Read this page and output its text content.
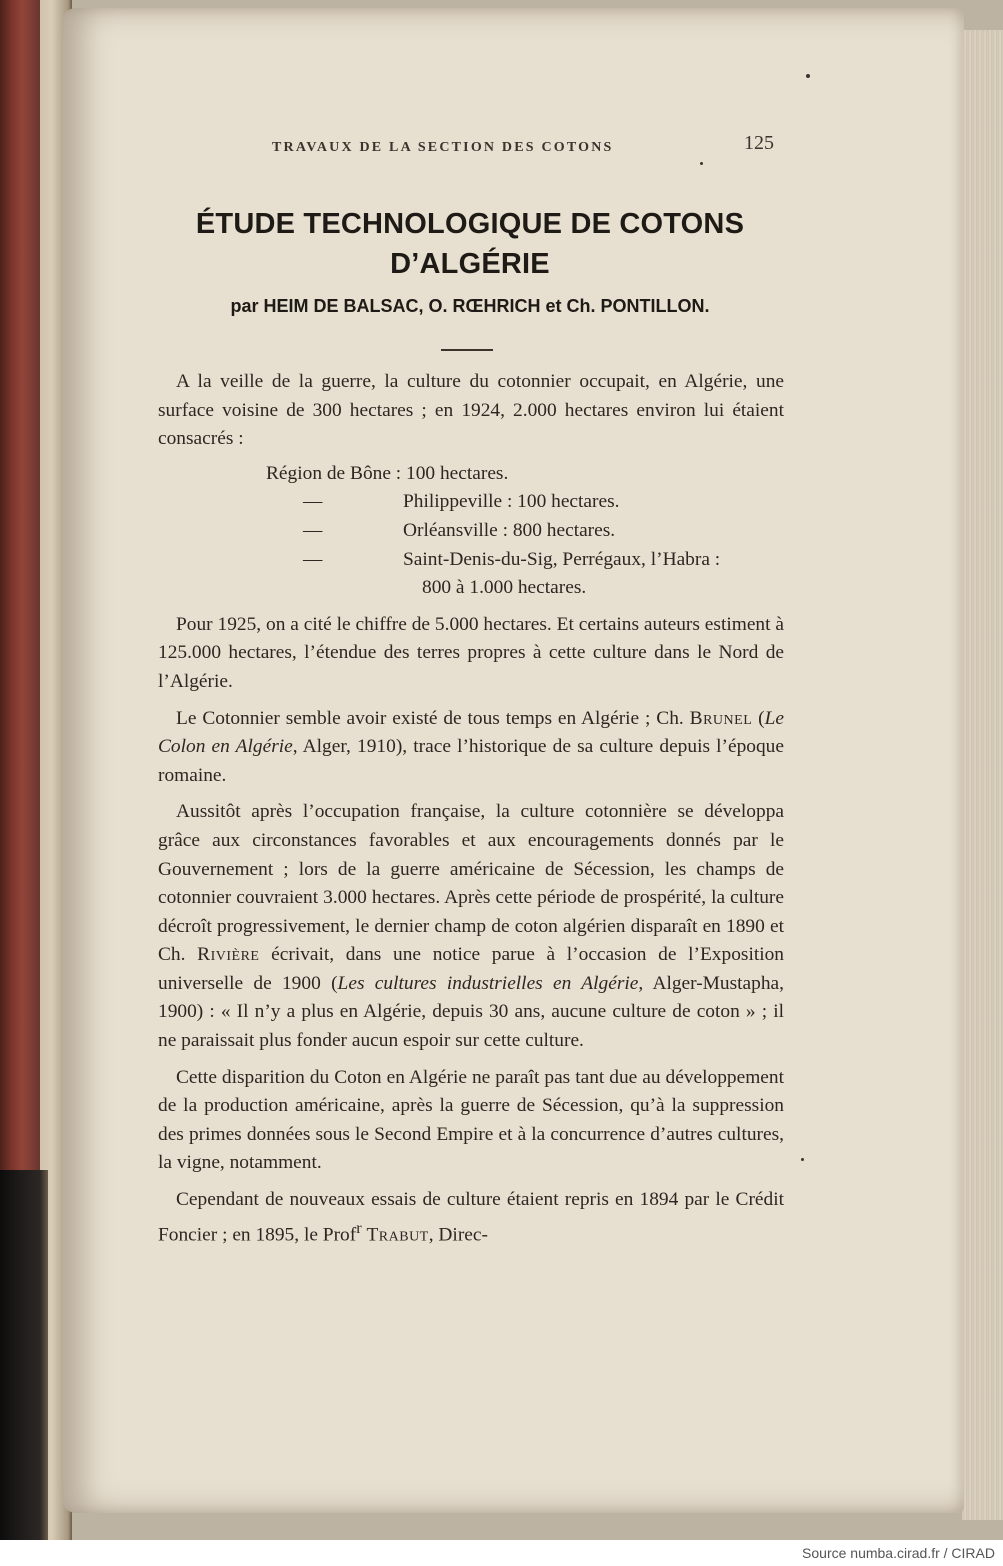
TRAVAUX DE LA SECTION DES COTONS	125
ÉTUDE TECHNOLOGIQUE DE COTONS
D’ALGÉRIE
par HEIM DE BALSAC, O. RŒHRICH et Ch. PONTILLON.

A la veille de la guerre, la culture du cotonnier occupait, en Algérie, une surface voisine de 300 hectares ; en 1924, 2.000 hectares environ lui étaient consacrés :

Région de Bône : 100 hectares.
—	Philippeville : 100 hectares.
—	Orléansville : 800 hectares.
—	Saint-Denis-du-Sig, Perrégaux, l’Habra :
800 à 1.000 hectares.

Pour 1925, on a cité le chiffre de 5.000 hectares. Et certains auteurs estiment à 125.000 hectares, l’étendue des terres propres à cette culture dans le Nord de l’Algérie.

Le Cotonnier semble avoir existé de tous temps en Algérie ; Ch. Brunel (Le Colon en Algérie, Alger, 1910), trace l’historique de sa culture depuis l’époque romaine.

Aussitôt après l’occupation française, la culture cotonnière se développa grâce aux circonstances favorables et aux encouragements donnés par le Gouvernement ; lors de la guerre américaine de Sécession, les champs de cotonnier couvraient 3.000 hectares. Après cette période de prospérité, la culture décroît progressivement, le dernier champ de coton algérien disparaît en 1890 et Ch. Rivière écrivait, dans une notice parue à l’occasion de l’Exposition universelle de 1900 (Les cultures industrielles en Algérie, Alger-Mustapha, 1900) : « Il n’y a plus en Algérie, depuis 30 ans, aucune culture de coton » ; il ne paraissait plus fonder aucun espoir sur cette culture.

Cette disparition du Coton en Algérie ne paraît pas tant due au développement de la production américaine, après la guerre de Sécession, qu’à la suppression des primes données sous le Second Empire et à la concurrence d’autres cultures, la vigne, notamment.

Cependant de nouveaux essais de culture étaient repris en 1894 par le Crédit Foncier ; en 1895, le Prof$^r$ Trabut, Direc-

Source numba.cirad.fr / CIRAD
